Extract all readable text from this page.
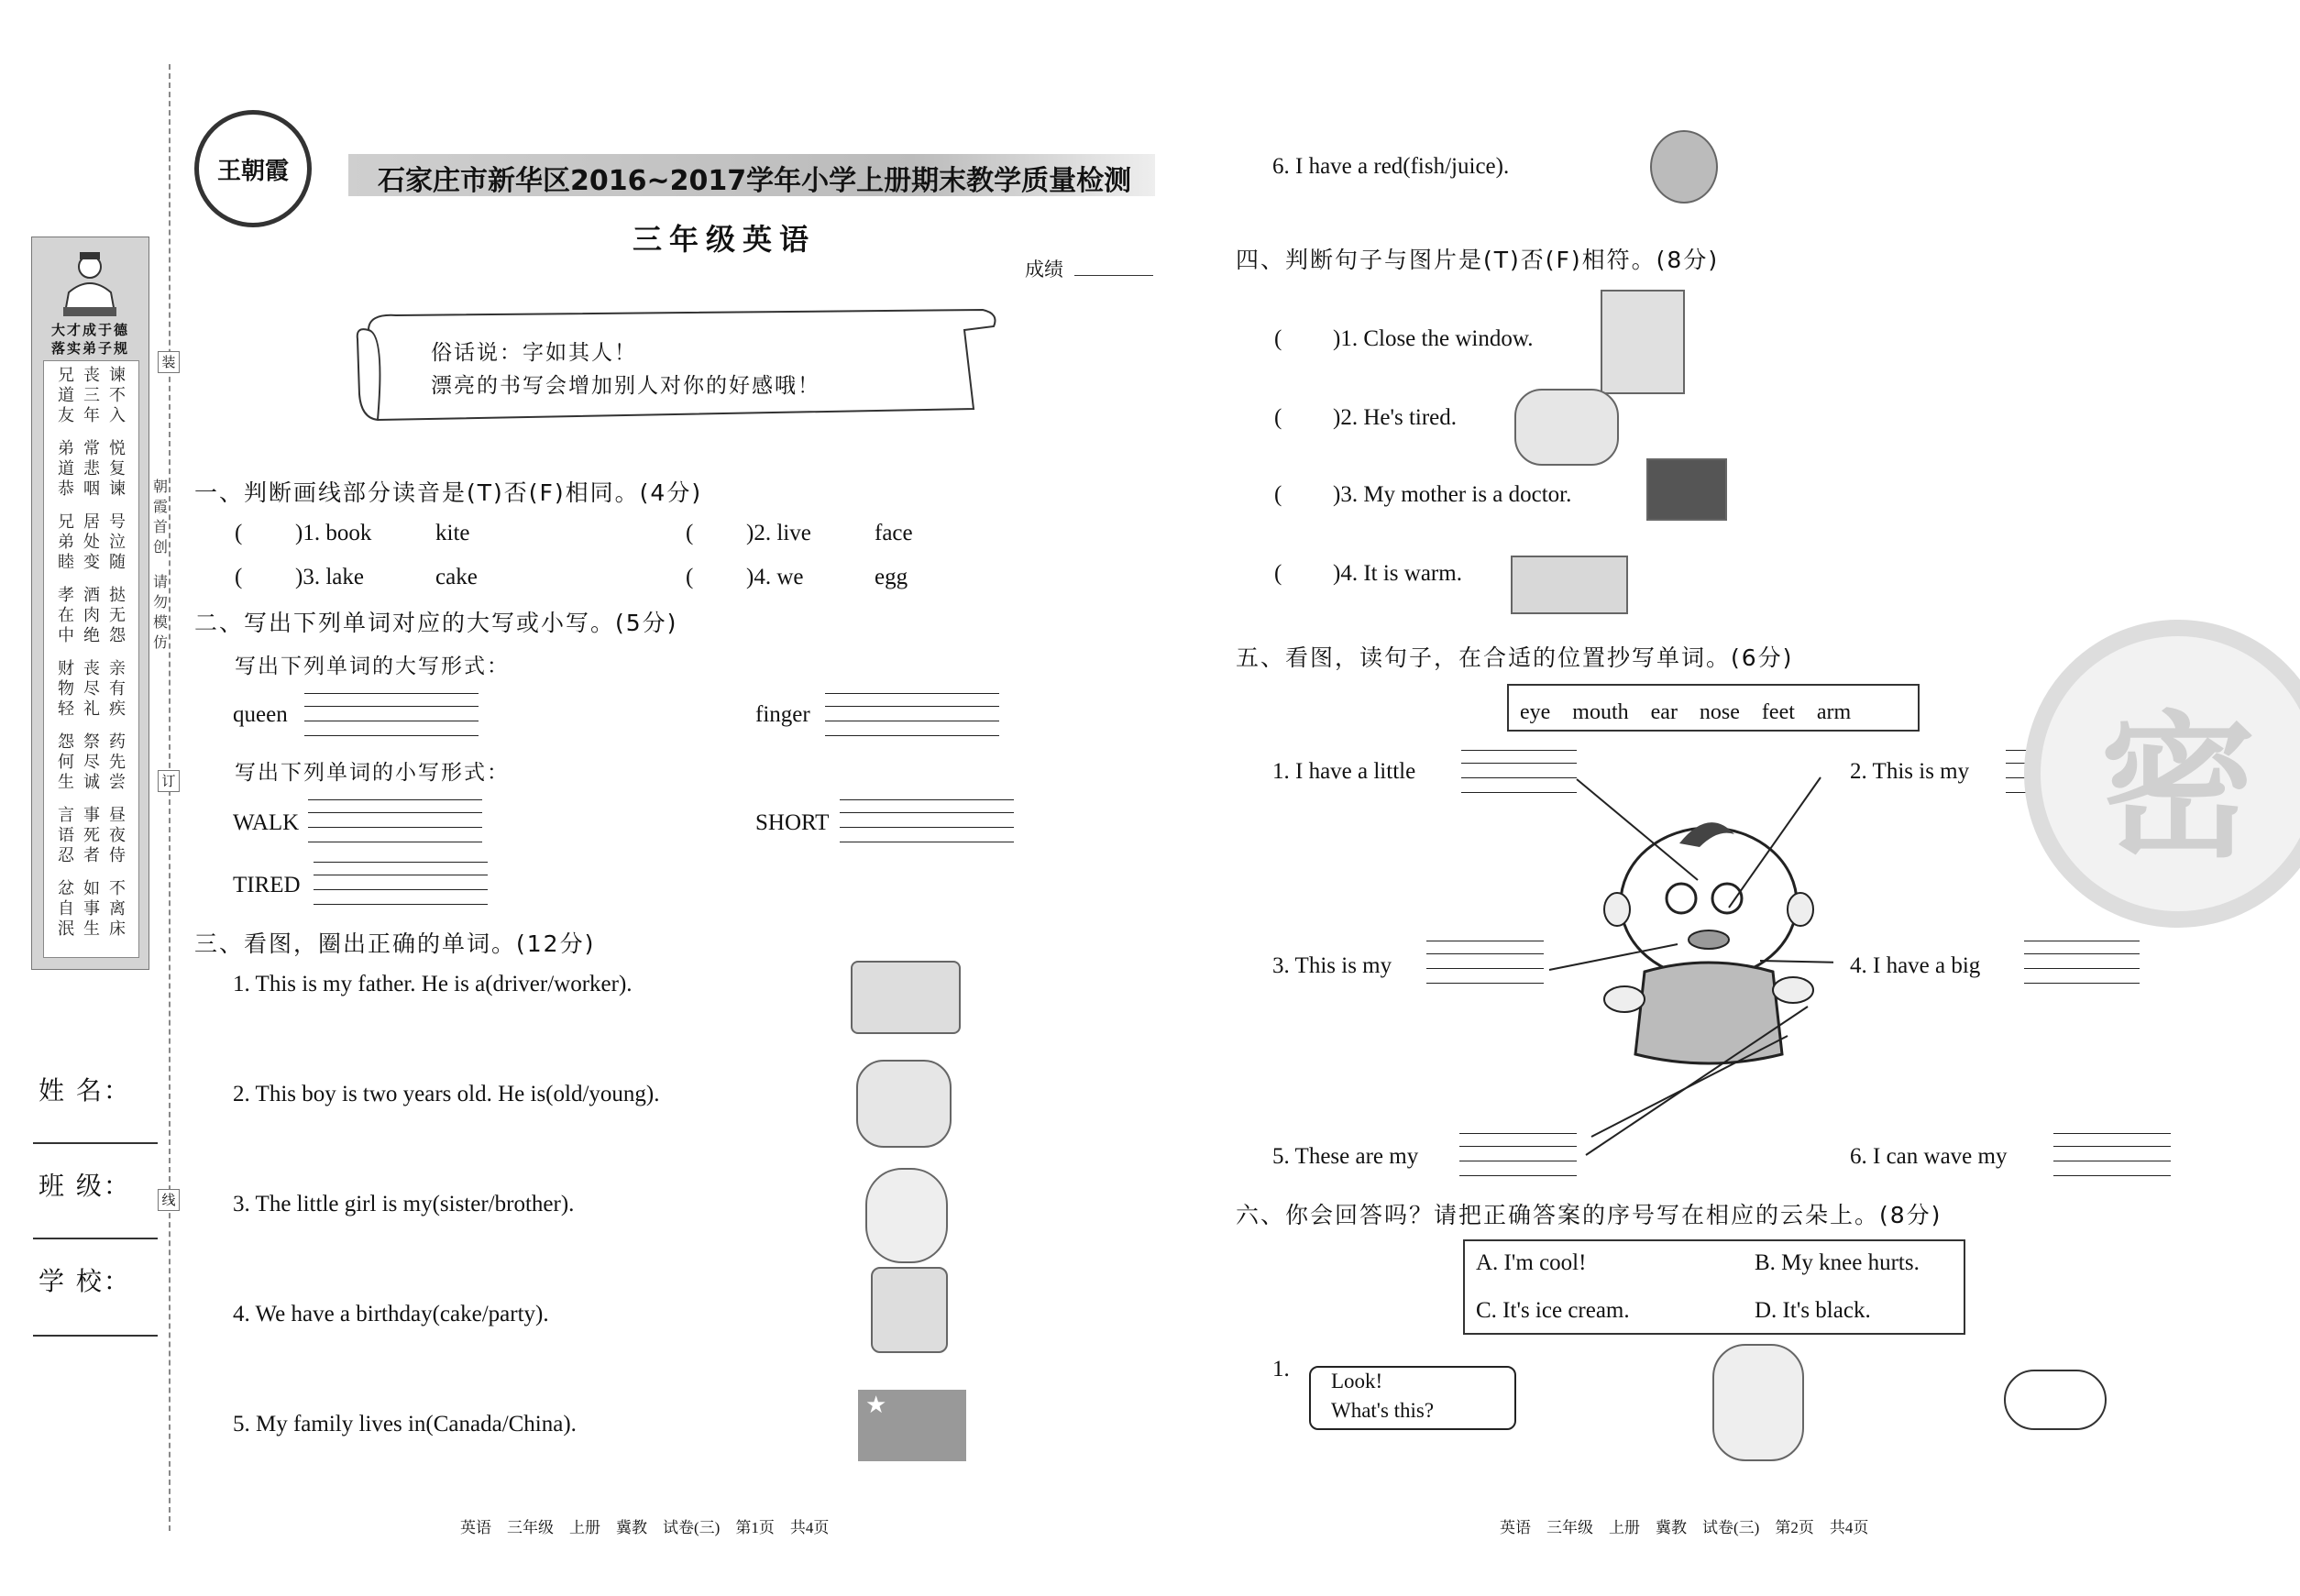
大才成于德
落实弟子规
兄道友
丧三年
谏不入
弟道恭
常悲咽
悦复谏
兄弟睦
居处变
号泣随
孝在中
酒肉绝
挞无怨
财物轻
丧尽礼
亲有疾
怨何生
祭尽诚
药先尝
言语忍
事死者
昼夜侍
忿自泯
如事生
不离床
姓 名：
班 级：
学 校：
装
订
线
朝霞首创
请勿模仿
王朝霞	石家庄市新华区2016~2017学年小学上册期末教学质量检测
三年级英语
成绩
俗话说：字如其人！
漂亮的书写会增加别人对你的好感哦！
一、判断画线部分读音是(T)否(F)相同。(4分)
( )1. book	kite	( )2. live	face
( )3. lake	cake	( )4. we	egg
二、写出下列单词对应的大写或小写。(5分)
写出下列单词的大写形式：
queen	finger
写出下列单词的小写形式：
WALK	SHORT
TIRED
三、看图，圈出正确的单词。(12分)
1. This is my father. He is a(driver/worker).
2. This boy is two years old. He is(old/young).
3. The little girl is my(sister/brother).
4. We have a birthday(cake/party).
5. My family lives in(Canada/China).
★
英语　三年级　上册　冀教　试卷(三)　第1页　共4页
6. I have a red(fish/juice).
四、判断句子与图片是(T)否(F)相符。(8分)
( )1. Close the window.
( )2. He's tired.
( )3. My mother is a doctor.
( )4. It is warm.
五、看图，读句子，在合适的位置抄写单词。(6分)
eye　mouth　ear　nose　feet　arm
1. I have a little	2. This is my
3. This is my	4. I have a big
5. These are my	6. I can wave my
六、你会回答吗？请把正确答案的序号写在相应的云朵上。(8分)
A. I'm cool!	B. My knee hurts.
C. It's ice cream.	D. It's black.
1. Look!
What's this?
英语　三年级　上册　冀教　试卷(三)　第2页　共4页
密
